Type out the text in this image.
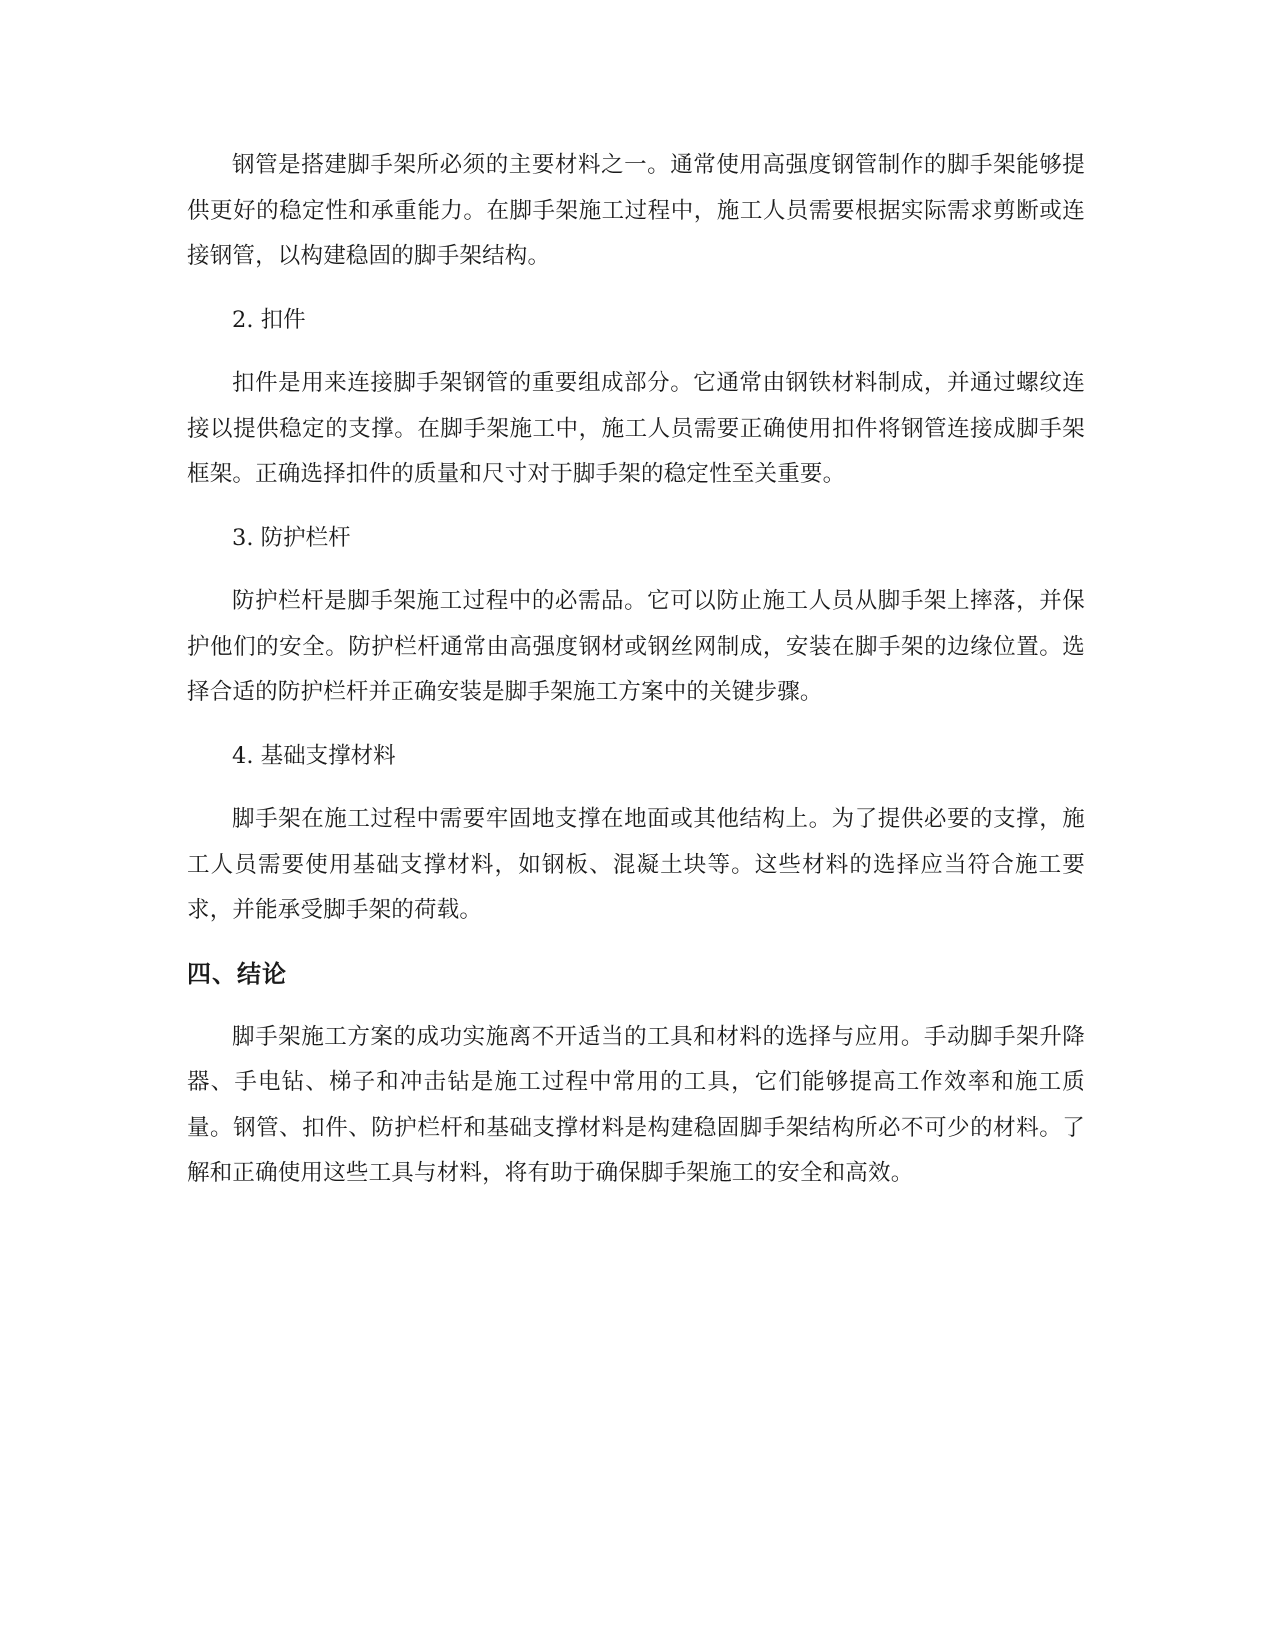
钢管是搭建脚手架所必须的主要材料之一。通常使用高强度钢管制作的脚手架能够提供更好的稳定性和承重能力。在脚手架施工过程中，施工人员需要根据实际需求剪断或连接钢管，以构建稳固的脚手架结构。

2. 扣件

扣件是用来连接脚手架钢管的重要组成部分。它通常由钢铁材料制成，并通过螺纹连接以提供稳定的支撑。在脚手架施工中，施工人员需要正确使用扣件将钢管连接成脚手架框架。正确选择扣件的质量和尺寸对于脚手架的稳定性至关重要。

3. 防护栏杆

防护栏杆是脚手架施工过程中的必需品。它可以防止施工人员从脚手架上摔落，并保护他们的安全。防护栏杆通常由高强度钢材或钢丝网制成，安装在脚手架的边缘位置。选择合适的防护栏杆并正确安装是脚手架施工方案中的关键步骤。

4. 基础支撑材料

脚手架在施工过程中需要牢固地支撑在地面或其他结构上。为了提供必要的支撑，施工人员需要使用基础支撑材料，如钢板、混凝土块等。这些材料的选择应当符合施工要求，并能承受脚手架的荷载。

四、结论

脚手架施工方案的成功实施离不开适当的工具和材料的选择与应用。手动脚手架升降器、手电钻、梯子和冲击钻是施工过程中常用的工具，它们能够提高工作效率和施工质量。钢管、扣件、防护栏杆和基础支撑材料是构建稳固脚手架结构所必不可少的材料。了解和正确使用这些工具与材料，将有助于确保脚手架施工的安全和高效。
